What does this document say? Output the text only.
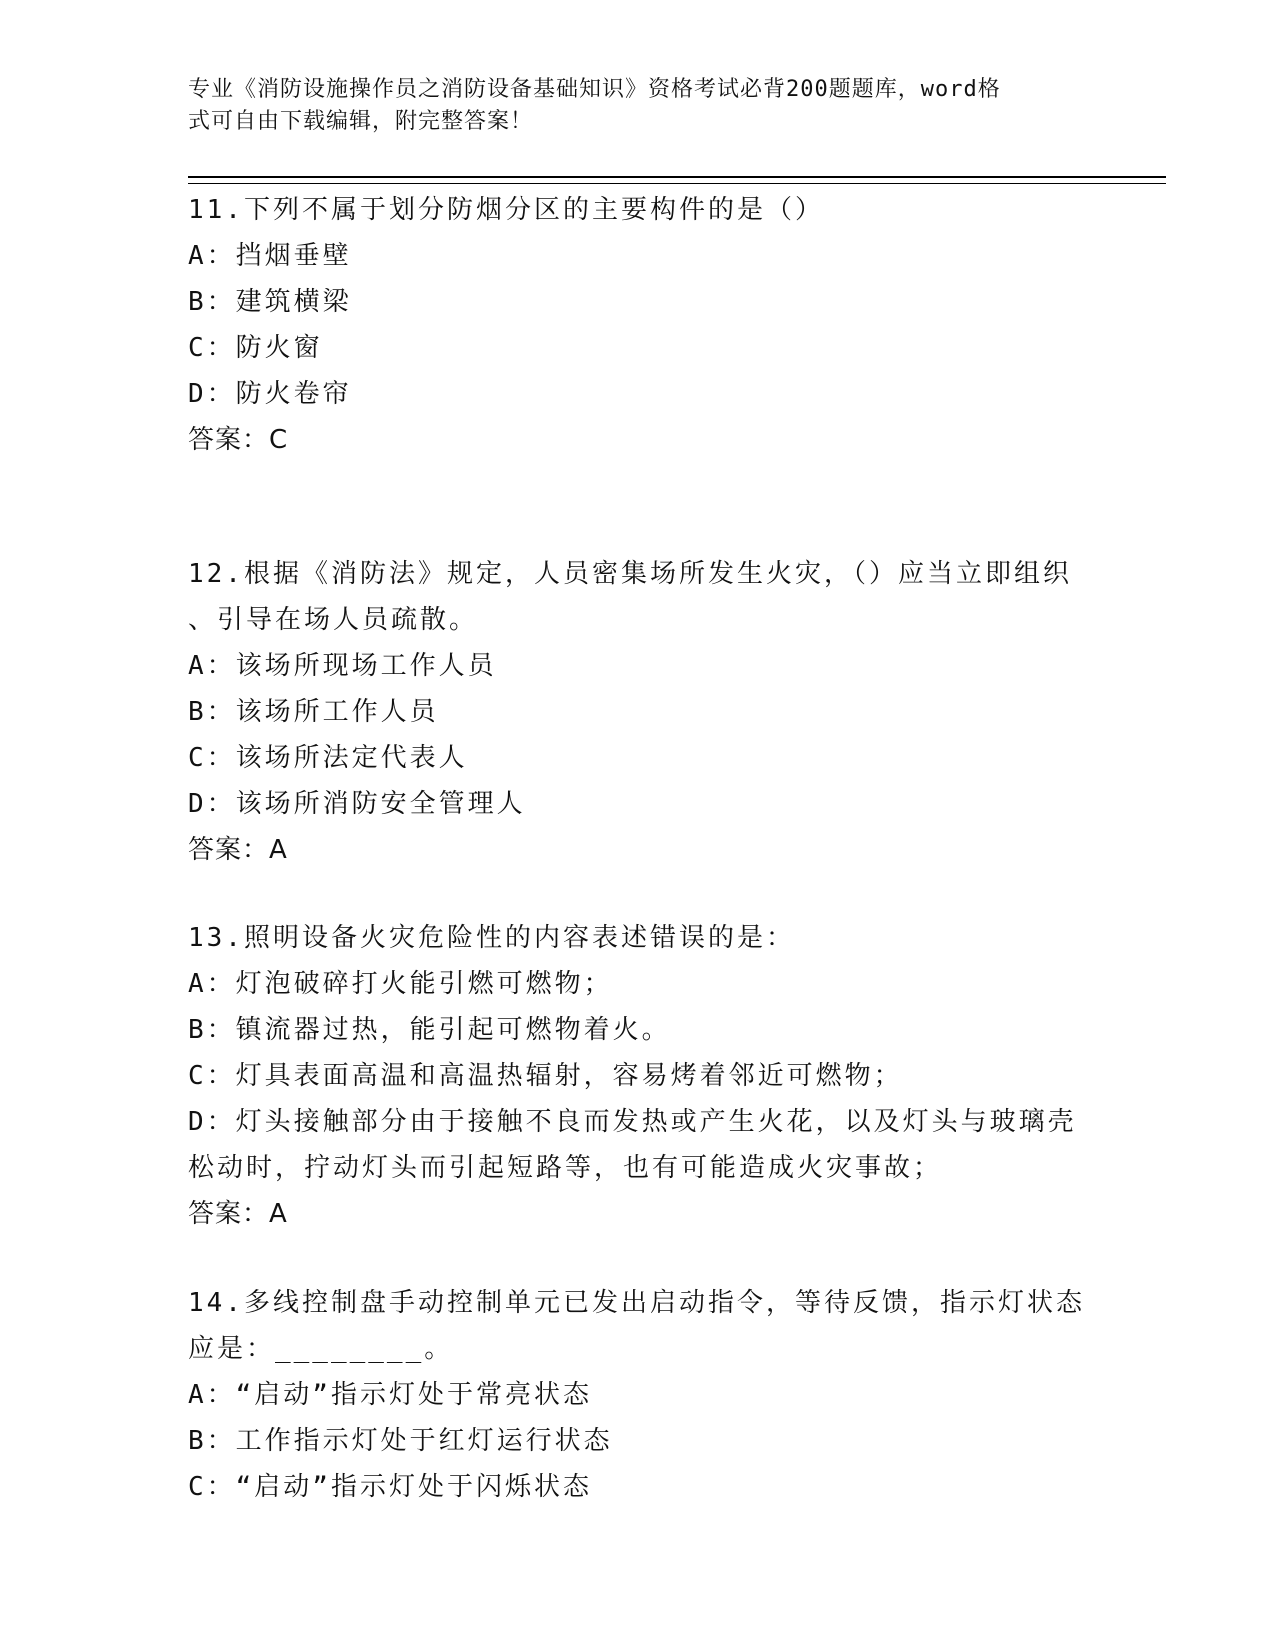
专业《消防设施操作员之消防设备基础知识》资格考试必背200题题库，word格
式可自由下载编辑，附完整答案！
11.下列不属于划分防烟分区的主要构件的是（）
A：挡烟垂壁
B：建筑横梁
C：防火窗
D：防火卷帘
答案：C
12.根据《消防法》规定，人员密集场所发生火灾，（）应当立即组织
、引导在场人员疏散。
A：该场所现场工作人员
B：该场所工作人员
C：该场所法定代表人
D：该场所消防安全管理人
答案：A
13.照明设备火灾危险性的内容表述错误的是：
A：灯泡破碎打火能引燃可燃物；
B：镇流器过热，能引起可燃物着火。
C：灯具表面高温和高温热辐射，容易烤着邻近可燃物；
D：灯头接触部分由于接触不良而发热或产生火花，以及灯头与玻璃壳
松动时，拧动灯头而引起短路等，也有可能造成火灾事故；
答案：A
14.多线控制盘手动控制单元已发出启动指令，等待反馈，指示灯状态
应是：________。
A：“启动”指示灯处于常亮状态
B：工作指示灯处于红灯运行状态
C：“启动”指示灯处于闪烁状态
